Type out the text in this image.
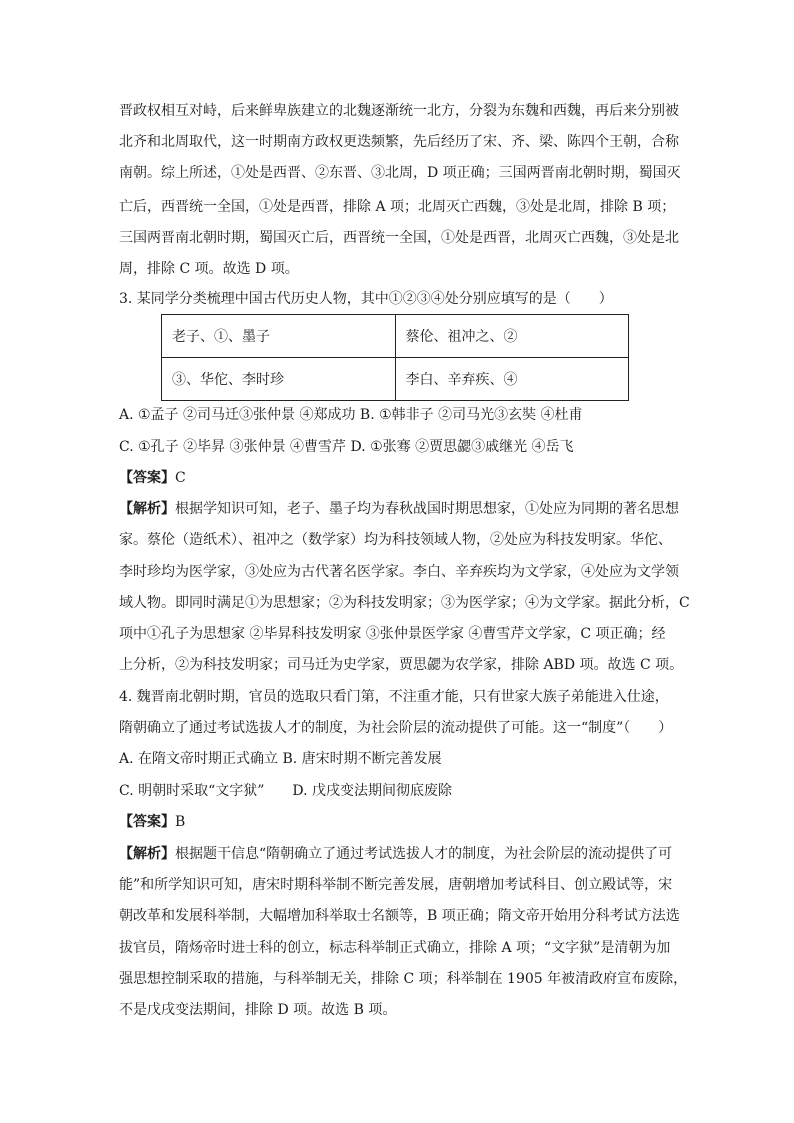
晋政权相互对峙，后来鲜卑族建立的北魏逐渐统一北方，分裂为东魏和西魏，再后来分别被
北齐和北周取代，这一时期南方政权更迭频繁，先后经历了宋、齐、梁、陈四个王朝，合称
南朝。综上所述，①处是西晋、②东晋、③北周，D 项正确；三国两晋南北朝时期，蜀国灭
亡后，西晋统一全国，①处是西晋，排除 A 项；北周灭亡西魏，③处是北周，排除 B 项；
三国两晋南北朝时期，蜀国灭亡后，西晋统一全国，①处是西晋，北周灭亡西魏，③处是北
周，排除 C 项。故选 D 项。
3. 某同学分类梳理中国古代历史人物，其中①②③④处分别应填写的是（　　）
老子、①、墨子	蔡伦、祖冲之、②
③、华佗、李时珍	李白、辛弃疾、④
A. ①孟子 ②司马迁③张仲景 ④郑成功 B. ①韩非子 ②司马光③玄奘 ④杜甫
C. ①孔子 ②毕昇 ③张仲景 ④曹雪芹 D. ①张骞 ②贾思勰③戚继光 ④岳飞
【答案】C
【解析】根据学知识可知，老子、墨子均为春秋战国时期思想家，①处应为同期的著名思想
家。蔡伦（造纸术）、祖冲之（数学家）均为科技领域人物，②处应为科技发明家。华佗、
李时珍均为医学家，③处应为古代著名医学家。李白、辛弃疾均为文学家，④处应为文学领
域人物。即同时满足①为思想家；②为科技发明家；③为医学家；④为文学家。据此分析，C
项中①孔子为思想家 ②毕昇科技发明家 ③张仲景医学家 ④曹雪芹文学家，C 项正确；经
上分析，②为科技发明家；司马迁为史学家，贾思勰为农学家，排除 ABD 项。故选 C 项。
4. 魏晋南北朝时期，官员的选取只看门第，不注重才能，只有世家大族子弟能进入仕途，
隋朝确立了通过考试选拔人才的制度，为社会阶层的流动提供了可能。这一“制度”（　　）
A. 在隋文帝时期正式确立 B. 唐宋时期不断完善发展
C. 明朝时采取“文字狱”　　D. 戊戌变法期间彻底废除
【答案】B
【解析】根据题干信息“隋朝确立了通过考试选拔人才的制度，为社会阶层的流动提供了可
能”和所学知识可知，唐宋时期科举制不断完善发展，唐朝增加考试科目、创立殿试等，宋
朝改革和发展科举制，大幅增加科举取士名额等，B 项正确；隋文帝开始用分科考试方法选
拔官员，隋炀帝时进士科的创立，标志科举制正式确立，排除 A 项；“文字狱”是清朝为加
强思想控制采取的措施，与科举制无关，排除 C 项；科举制在 1905 年被清政府宣布废除，
不是戊戌变法期间，排除 D 项。故选 B 项。
